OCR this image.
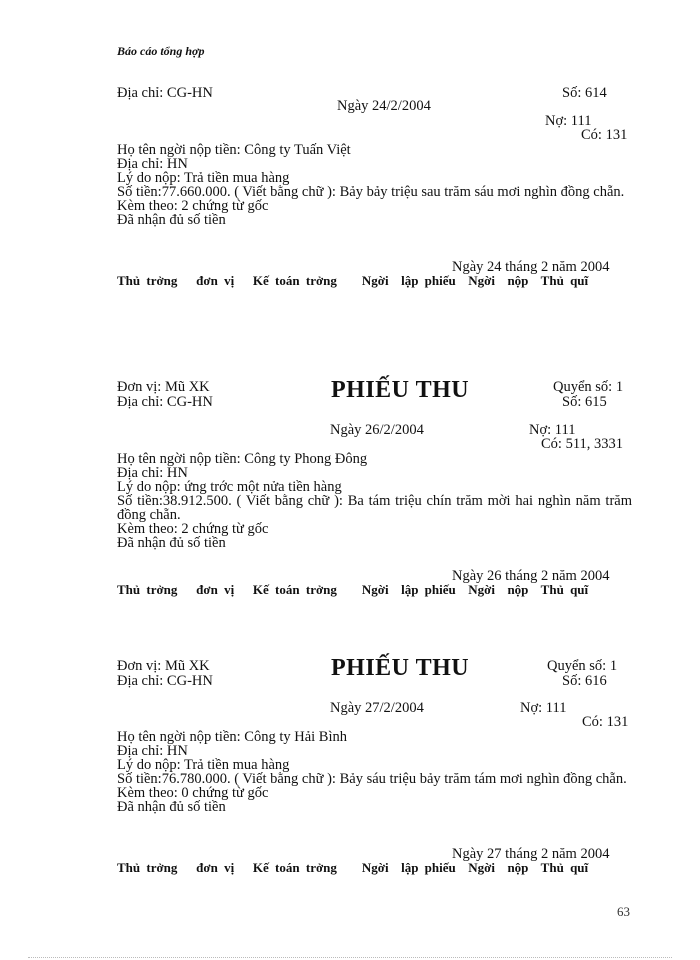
Báo cáo tổng hợp
Địa chỉ: CG-HN	Số: 614
Ngày 24/2/2004
Nợ: 111
Có: 131
Họ tên ngời nộp tiền: Công ty Tuấn Việt
Địa chỉ: HN
Lý do nộp: Trả tiền mua hàng
Số tiền:77.660.000. ( Viết bằng chữ ): Bảy bảy triệu sau trăm sáu mơi nghìn đồng chẵn.
Kèm theo: 2 chứng từ gốc
Đã nhận đủ số tiền
Ngày 24 tháng 2 năm 2004
Thủ trởng   đơn vị   Kế toán trởng    Ngời  lập phiếu  Ngời  nộp  Thủ quĩ
Đơn vị: Mũ XK	PHIẾU THU	Quyển số: 1
Địa chỉ: CG-HN	Số: 615
Ngày 26/2/2004	Nợ: 111
Có: 511, 3331
Họ tên ngời nộp tiền: Công ty Phong Đông
Địa chỉ: HN
Lý do nộp: ứng trớc một nửa tiền hàng
Số tiền:38.912.500. ( Viết bằng chữ ): Ba tám triệu chín trăm mời hai nghìn năm trăm đồng chẵn.
Kèm theo: 2 chứng từ gốc
Đã nhận đủ số tiền
Ngày 26 tháng 2 năm 2004
Thủ trởng   đơn vị   Kế toán trởng    Ngời  lập phiếu  Ngời  nộp  Thủ quĩ
Đơn vị: Mũ XK	PHIẾU THU	Quyển số: 1
Địa chỉ: CG-HN	Số: 616
Ngày 27/2/2004	Nợ: 111
Có: 131
Họ tên ngời nộp tiền: Công ty Hải Bình
Địa chỉ: HN
Lý do nộp: Trả tiền mua hàng
Số tiền:76.780.000. ( Viết bằng chữ ): Bảy sáu triệu bảy trăm tám mơi nghìn đồng chẵn.
Kèm theo: 0 chứng từ gốc
Đã nhận đủ số tiền
Ngày 27 tháng 2 năm 2004
Thủ trởng   đơn vị   Kế toán trởng    Ngời  lập phiếu  Ngời  nộp  Thủ quĩ
63
